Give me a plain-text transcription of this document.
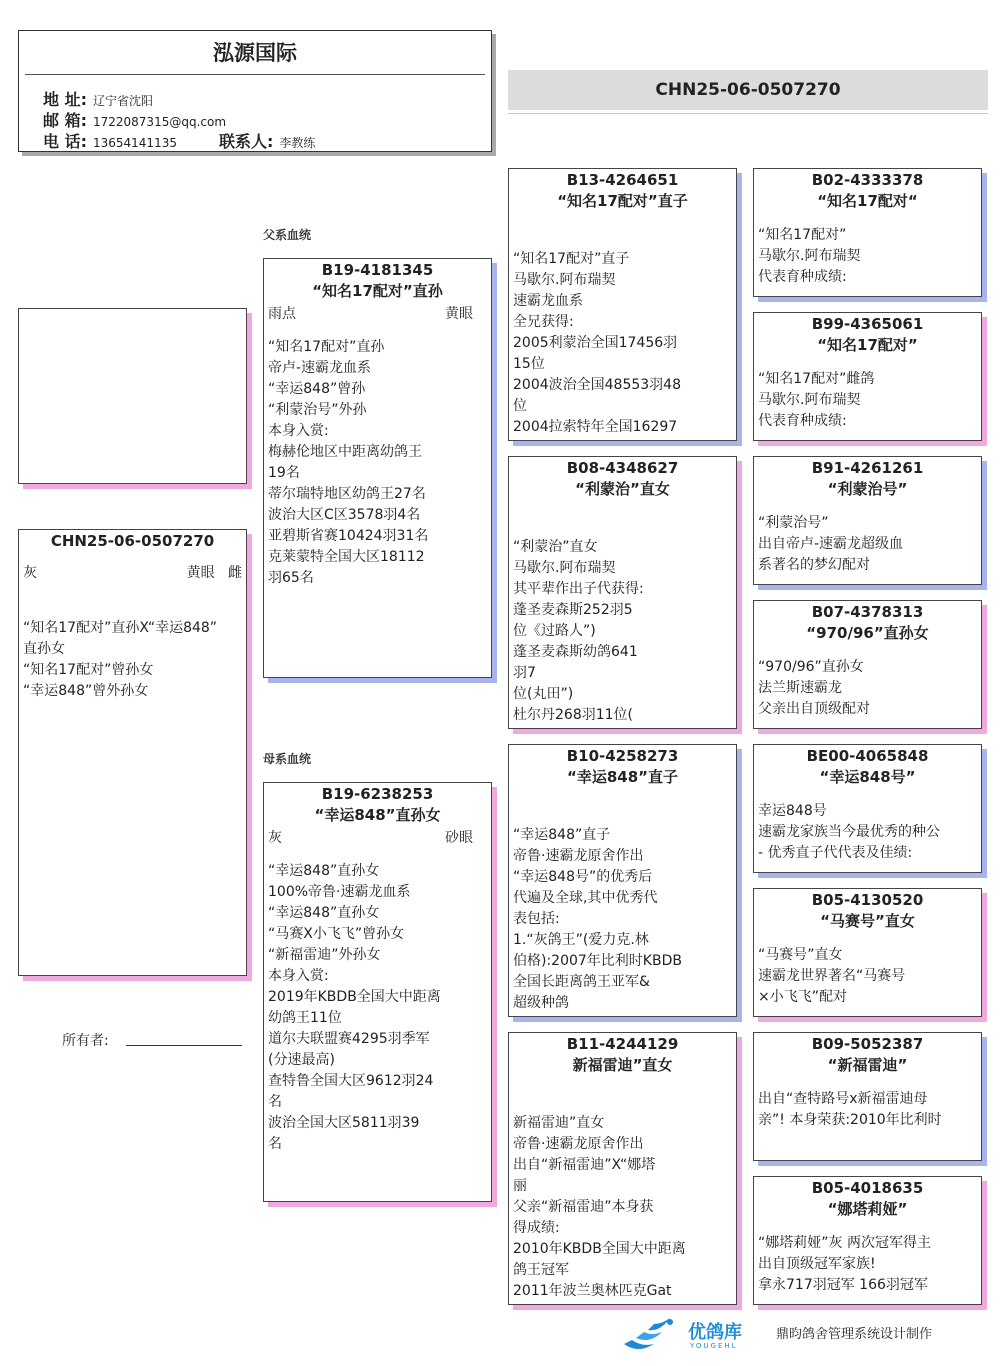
泓源国际
地 址: 辽宁省沈阳
邮 箱: 1722087315@qq.com
电 话: 13654141135	联系人: 李教练
CHN25-06-0507270
CHN25-06-0507270
灰	黄眼 雌
“知名17配对”直孙X“幸运848”
直孙女
“知名17配对”曾孙女
“幸运848”曾外孙女
所有者:
父系血统
母系血统
B19-4181345
“知名17配对”直孙
雨点	黄眼
“知名17配对”直孙
帝卢-速霸龙血系
“幸运848”曾孙
“利蒙治号”外孙
本身入赏:
梅赫伦地区中距离幼鸽王
19名
蒂尔瑞特地区幼鸽王27名
波治大区C区3578羽4名
亚碧斯省赛10424羽31名
克莱蒙特全国大区18112
羽65名
B19-6238253
“幸运848”直孙女
灰	砂眼
“幸运848”直孙女
100%帝鲁·速霸龙血系
“幸运848”直孙女
“马赛X小飞飞”曾孙女
“新福雷迪”外孙女
本身入赏:
2019年KBDB全国大中距离
幼鸽王11位
道尔夫联盟赛4295羽季军
(分速最高)
查特鲁全国大区9612羽24
名
波治全国大区5811羽39
名
B13-4264651
“知名17配对”直子
“知名17配对”直子
马歇尔.阿布瑞契
速霸龙血系
全兄获得:
2005利蒙治全国17456羽
15位
2004波治全国48553羽48
位
2004拉索特年全国16297
B08-4348627
“利蒙治”直女
“利蒙治”直女
马歇尔.阿布瑞契
其平辈作出子代获得:
蓬圣麦森斯252羽5
位《过路人”)
蓬圣麦森斯幼鸽641
羽7
位(丸田”)
杜尔丹268羽11位(
B10-4258273
“幸运848”直子
“幸运848”直子
帝鲁·速霸龙原舍作出
“幸运848号”的优秀后
代遍及全球,其中优秀代
表包括:
1.“灰鸽王”(爱力克.林
伯格):2007年比利时KBDB
全国长距离鸽王亚军&
超级种鸽
B11-4244129
新福雷迪”直女
新福雷迪”直女
帝鲁·速霸龙原舍作出
出自“新福雷迪”X“娜塔
丽
父亲“新福雷迪”本身获
得成绩:
2010年KBDB全国大中距离
鸽王冠军
2011年波兰奥林匹克Gat
B02-4333378
“知名17配对“
“知名17配对”
马歇尔.阿布瑞契
代表育种成绩:
B99-4365061
“知名17配对”
“知名17配对”雌鸽
马歇尔.阿布瑞契
代表育种成绩:
B91-4261261
“利蒙治号”
“利蒙治号”
出自帝卢-速霸龙超级血
系著名的梦幻配对
B07-4378313
“970/96”直孙女
“970/96”直孙女
法兰斯速霸龙
父亲出自顶级配对
BE00-4065848
“幸运848号”
幸运848号
速霸龙家族当今最优秀的种公
- 优秀直子代代表及佳绩:
B05-4130520
“马赛号”直女
“马赛号”直女
速霸龙世界著名“马赛号
×小飞飞”配对
B09-5052387
“新福雷迪”
出自“查特路号x新福雷迪母
亲”! 本身荣获:2010年比利时
B05-4018635
“娜塔莉娅”
“娜塔莉娅”灰 两次冠军得主
出自顶级冠军家族!
拿永717羽冠军 166羽冠军
优鸽库
YOUGEHL
鼎昀鸽舍管理系统设计制作
